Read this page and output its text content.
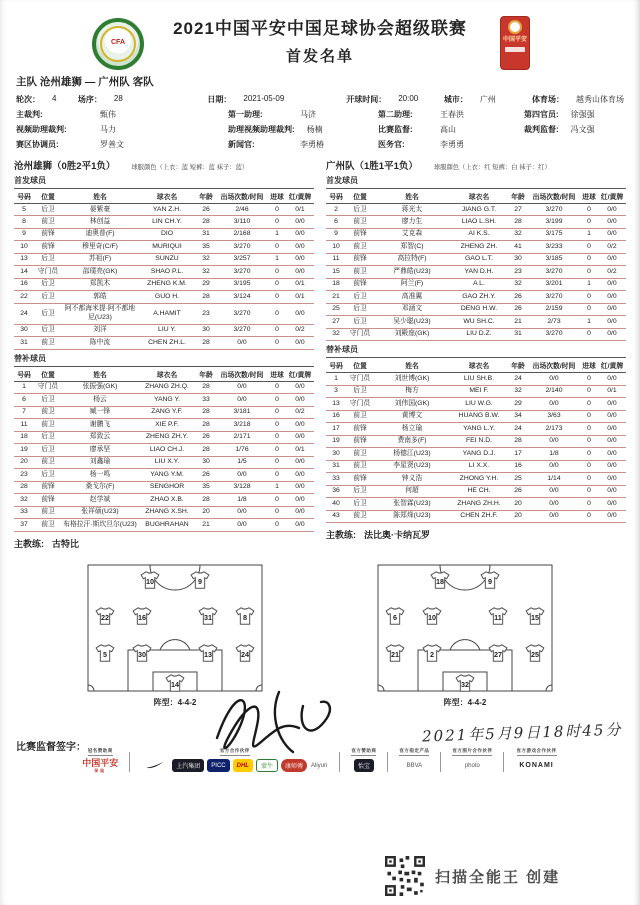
CFA
2021中国平安中国足球协会超级联赛
首发名单
中国平安
主队 沧州雄狮 — 广州队 客队
轮次： 4	场序： 28	日期： 2021-05-09	开球时间： 20:00	城市： 广州	体育场： 越秀山体育场
主裁判:	甄伟	第一助理:	马济	第二助理:	王春洪	第四官员: 徐强强
视频助理裁判:	马力	助理视频助理裁判: 杨楠	比赛监督:	高山	裁判监督: 冯文强
赛区协调员:	罗善文	新闻官:	李勇椿	医务官:	李勇勇
沧州雄狮（0胜2平1负）	球服颜色（上衣：蓝 短裤：蓝 袜子：蓝）
首发球员
号码	位置	姓名	球衣名	年龄	出场次数/时间	进球	红/黄牌
5	后卫	晏紫豪	YAN Z.H.	26	2/46	0	0/1
8	前卫	林创益	LIN CH.Y.	28	3/110	0	0/0
9	前锋	迪奥普(F)	DIO	31	2/168	1	0/0
10	前锋	穆里奇(C/F)	MURIQUI	35	3/270	0	0/0
13	后卫	苏祖(F)	SUNZU	32	3/257	1	0/0
14	守门员	邵璞亮(GK)	SHAO P.L.	32	3/270	0	0/0
16	后卫	郑凯木	ZHENG K.M.	29	3/195	0	0/1
22	后卫	郭皓	GUO H.	28	3/124	0	0/1
24	后卫	阿不都海米提·阿不都地尼(U23)	A.HAMIT	23	3/270	0	0/0
30	后卫	刘洋	LIU Y.	30	3/270	0	0/2
31	前卫	陈中流	CHEN ZH.L.	28	0/0	0	0/0
替补球员
号码	位置	姓名	球衣名	年龄	出场次数/时间	进球	红/黄牌
1	守门员	张振强(GK)	ZHANG ZH.Q.	28	0/0	0	0/0
6	后卫	杨云	YANG Y.	33	0/0	0	0/0
7	前卫	臧一锋	ZANG Y.F.	28	3/181	0	0/2
11	前卫	谢鹏飞	XIE P.F.	28	3/218	0	0/0
18	后卫	郑致云	ZHENG ZH.Y.	26	2/171	0	0/0
19	后卫	廖承坚	LIAO CH.J.	28	1/76	0	0/1
20	前卫	刘鑫瑜	LIU X.Y.	30	1/5	0	0/0
23	后卫	杨一鸣	YANG Y.M.	26	0/0	0	0/0
28	前锋	桑戈尔(F)	SENGHOR	35	3/128	1	0/0
32	前锋	赵学斌	ZHAO X.B.	28	1/8	0	0/0
33	前卫	张祥硕(U23)	ZHANG X.SH.	20	0/0	0	0/0
37	前卫	布格拉汗·斯坎旦尔(U23)	BUGHRAHAN	21	0/0	0	0/0
主教练: 古特比
广州队（1胜1平1负）	球服颜色（上衣：红 短裤：白 袜子：红）
首发球员
号码	位置	姓名	球衣名	年龄	出场次数/时间	进球	红/黄牌
2	后卫	蒋光太	JIANG G.T.	27	3/270	0	0/0
6	前卫	廖力生	LIAO L.SH.	28	3/199	0	0/0
9	前锋	艾克森	AI K.S.	32	3/175	1	0/0
10	前卫	郑智(C)	ZHENG ZH.	41	3/233	0	0/2
11	前锋	高拉特(F)	GAO L.T.	30	3/185	0	0/0
15	前卫	严鼎皓(U23)	YAN D.H.	23	3/270	0	0/2
18	前锋	阿兰(F)	A L.	32	3/201	1	0/0
21	后卫	高准翼	GAO ZH.Y.	26	3/270	0	0/0
25	后卫	邓涵文	DENG H.W.	26	2/159	0	0/0
27	后卫	吴少聪(U23)	WU SH.C.	21	2/73	1	0/0
32	守门员	刘殿座(GK)	LIU D.Z.	31	3/270	0	0/0
替补球员
号码	位置	姓名	球衣名	年龄	出场次数/时间	进球	红/黄牌
1	守门员	刘世博(GK)	LIU SH.B.	24	0/0	0	0/0
3	后卫	梅方	MEI F.	32	2/140	0	0/1
13	守门员	刘伟国(GK)	LIU W.G.	29	0/0	0	0/0
16	前卫	黄博文	HUANG B.W.	34	3/63	0	0/0
17	前锋	杨立瑜	YANG L.Y.	24	2/173	0	0/0
19	前锋	费南多(F)	FEI N.D.	28	0/0	0	0/0
30	前卫	杨德江(U23)	YANG D.J.	17	1/8	0	0/0
31	前卫	李星贤(U23)	LI X.X.	16	0/0	0	0/0
33	前锋	钟义浩	ZHONG Y.H.	25	1/14	0	0/0
36	后卫	何超	HE CH.	26	0/0	0	0/0
40	后卫	张智霖(U23)	ZHANG ZH.H.	20	0/0	0	0/0
43	前卫	陈郑烽(U23)	CHEN ZH.F.	20	0/0	0	0/0
主教练: 法比奥·卡纳瓦罗
10	9
22	16	31	8
5	30	13	24
14
阵型：4-4-2
18	9
6	10	11	15
21	2	27	25
32
阵型：4-4-2
比赛监督签字：
2021年5月9日18时45分
冠名赞助商
中国平安
保险
官方合作伙伴
上汽集团	PICC	DHL	蒙牛	康师傅	Aliyun
官方赞助商
怡宝
官方指定产品
BBVA
官方图片合作伙伴
photo
官方游戏合作伙伴
KONAMI
扫描全能王 创建
